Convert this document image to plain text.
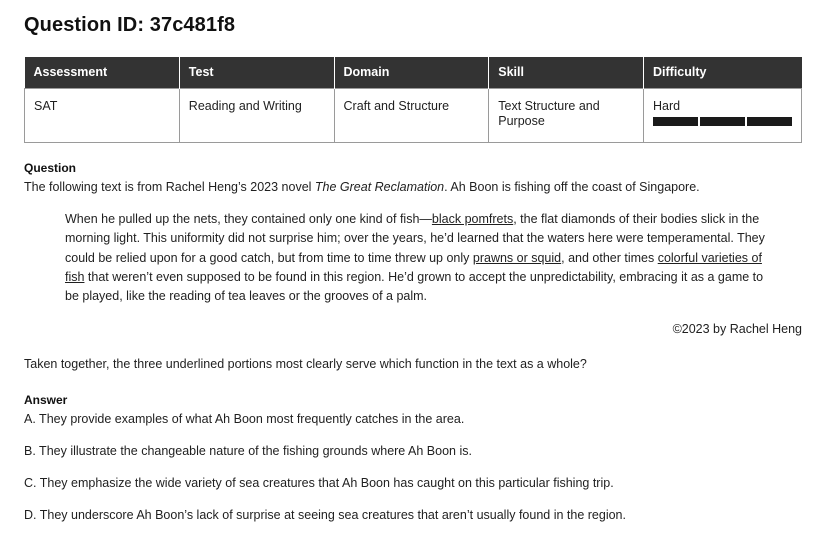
Question ID: 37c481f8
Assessment	Test	Domain	Skill	Difficulty
SAT	Reading and Writing	Craft and Structure	Text Structure and Purpose	Hard
Question
The following text is from Rachel Heng’s 2023 novel The Great Reclamation. Ah Boon is fishing off the coast of Singapore.
When he pulled up the nets, they contained only one kind of fish—black pomfrets, the flat diamonds of their bodies slick in the morning light. This uniformity did not surprise him; over the years, he’d learned that the waters here were temperamental. They could be relied upon for a good catch, but from time to time threw up only prawns or squid, and other times colorful varieties of fish that weren’t even supposed to be found in this region. He’d grown to accept the unpredictability, embracing it as a game to be played, like the reading of tea leaves or the grooves of a palm.
©2023 by Rachel Heng
Taken together, the three underlined portions most clearly serve which function in the text as a whole?
Answer
A. They provide examples of what Ah Boon most frequently catches in the area.
B. They illustrate the changeable nature of the fishing grounds where Ah Boon is.
C. They emphasize the wide variety of sea creatures that Ah Boon has caught on this particular fishing trip.
D. They underscore Ah Boon’s lack of surprise at seeing sea creatures that aren’t usually found in the region.
